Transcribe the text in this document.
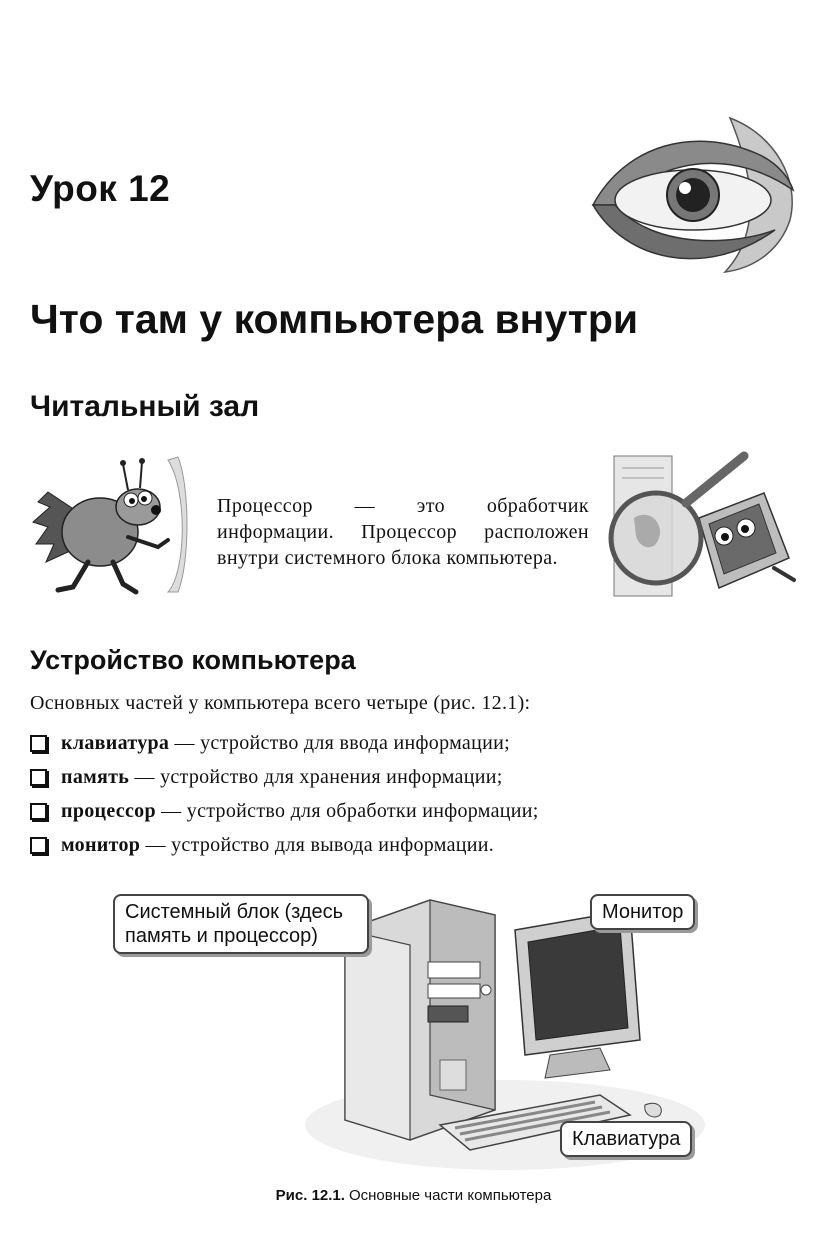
Урок 12
Что там у компьютера внутри
Читальный зал
Процессор — это обработчик информации. Процессор расположен внутри системного блока компьютера.
Устройство компьютера
Основных частей у компьютера всего четыре (рис. 12.1):
клавиатура — устройство для ввода информации;
память — устройство для хранения информации;
процессор — устройство для обработки информации;
монитор — устройство для вывода информации.
Системный блок (здесь память и процессор)
Монитор
Клавиатура
Рис. 12.1. Основные части компьютера
